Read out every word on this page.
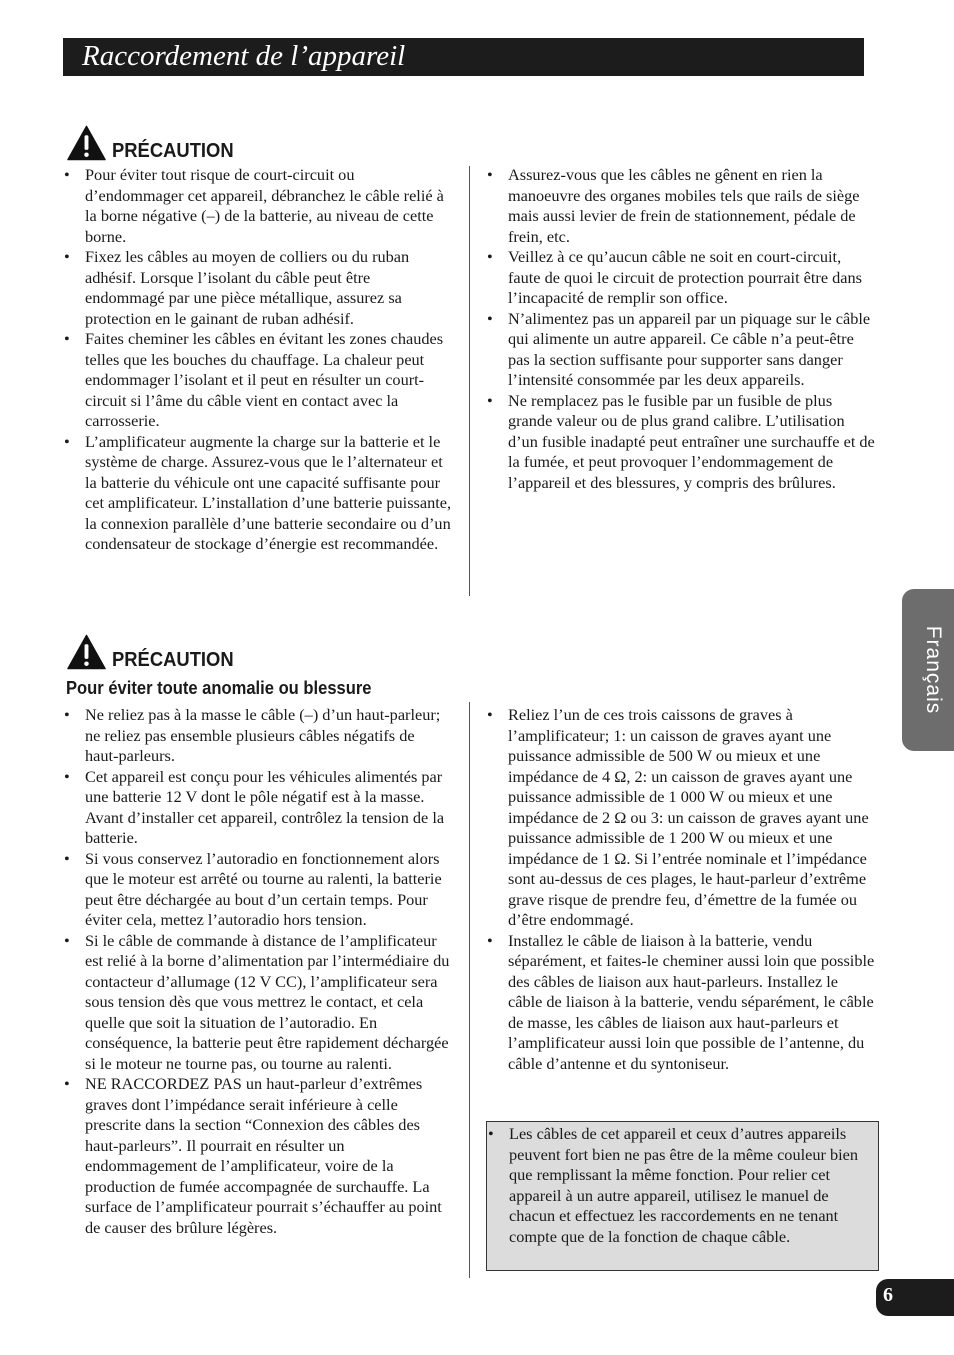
Raccordement de l’appareil
PRÉCAUTION
• Pour éviter tout risque de court-circuit ou d’endommager cet appareil, débranchez le câble relié à la borne négative (–) de la batterie, au niveau de cette borne.
• Fixez les câbles au moyen de colliers ou du ruban adhésif. Lorsque l’isolant du câble peut être endommagé par une pièce métallique, assurez sa protection en le gainant de ruban adhésif.
• Faites cheminer les câbles en évitant les zones chaudes telles que les bouches du chauffage. La chaleur peut endommager l’isolant et il peut en résulter un court-circuit si l’âme du câble vient en contact avec la carrosserie.
• L’amplificateur augmente la charge sur la batterie et le système de charge. Assurez-vous que le l’alternateur et la batterie du véhicule ont une capacité suffisante pour cet amplificateur. L’installation d’une batterie puissante, la connexion parallèle d’une batterie secondaire ou d’un condensateur de stockage d’énergie est recommandée.
• Assurez-vous que les câbles ne gênent en rien la manoeuvre des organes mobiles tels que rails de siège mais aussi levier de frein de stationnement, pédale de frein, etc.
• Veillez à ce qu’aucun câble ne soit en court-circuit, faute de quoi le circuit de protection pourrait être dans l’incapacité de remplir son office.
• N’alimentez pas un appareil par un piquage sur le câble qui alimente un autre appareil. Ce câble n’a peut-être pas la section suffisante pour supporter sans danger l’intensité consommée par les deux appareils.
• Ne remplacez pas le fusible par un fusible de plus grande valeur ou de plus grand calibre. L’utilisation d’un fusible inadapté peut entraîner une surchauffe et de la fumée, et peut provoquer l’endommagement de l’appareil et des blessures, y compris des brûlures.
PRÉCAUTION
Pour éviter toute anomalie ou blessure
• Ne reliez pas à la masse le câble (–) d’un haut-parleur; ne reliez pas ensemble plusieurs câbles négatifs de haut-parleurs.
• Cet appareil est conçu pour les véhicules alimentés par une batterie 12 V dont le pôle négatif est à la masse. Avant d’installer cet appareil, contrôlez la tension de la batterie.
• Si vous conservez l’autoradio en fonctionnement alors que le moteur est arrêté ou tourne au ralenti, la batterie peut être déchargée au bout d’un certain temps. Pour éviter cela, mettez l’autoradio hors tension.
• Si le câble de commande à distance de l’amplificateur est relié à la borne d’alimentation par l’intermédiaire du contacteur d’allumage (12 V CC), l’amplificateur sera sous tension dès que vous mettrez le contact, et cela quelle que soit la situation de l’autoradio. En conséquence, la batterie peut être rapidement déchargée si le moteur ne tourne pas, ou tourne au ralenti.
• NE RACCORDEZ PAS un haut-parleur d’extrêmes graves dont l’impédance serait inférieure à celle prescrite dans la section “Connexion des câbles des haut-parleurs”. Il pourrait en résulter un endommagement de l’amplificateur, voire de la production de fumée accompagnée de surchauffe. La surface de l’amplificateur pourrait s’échauffer au point de causer des brûlure légères.
• Reliez l’un de ces trois caissons de graves à l’amplificateur; 1: un caisson de graves ayant une puissance admissible de 500 W ou mieux et une impédance de 4 Ω, 2: un caisson de graves ayant une puissance admissible de 1 000 W ou mieux et une impédance de 2 Ω ou 3: un caisson de graves ayant une puissance admissible de 1 200 W ou mieux et une impédance de 1 Ω. Si l’entrée nominale et l’impédance sont au-dessus de ces plages, le haut-parleur d’extrême grave risque de prendre feu, d’émettre de la fumée ou d’être endommagé.
• Installez le câble de liaison à la batterie, vendu séparément, et faites-le cheminer aussi loin que possible des câbles de liaison aux haut-parleurs. Installez le câble de liaison à la batterie, vendu séparément, le câble de masse, les câbles de liaison aux haut-parleurs et l’amplificateur aussi loin que possible de l’antenne, du câble d’antenne et du syntoniseur.
• Les câbles de cet appareil et ceux d’autres appareils peuvent fort bien ne pas être de la même couleur bien que remplissant la même fonction. Pour relier cet appareil à un autre appareil, utilisez le manuel de chacun et effectuez les raccordements en ne tenant compte que de la fonction de chaque câble.
Français
6
